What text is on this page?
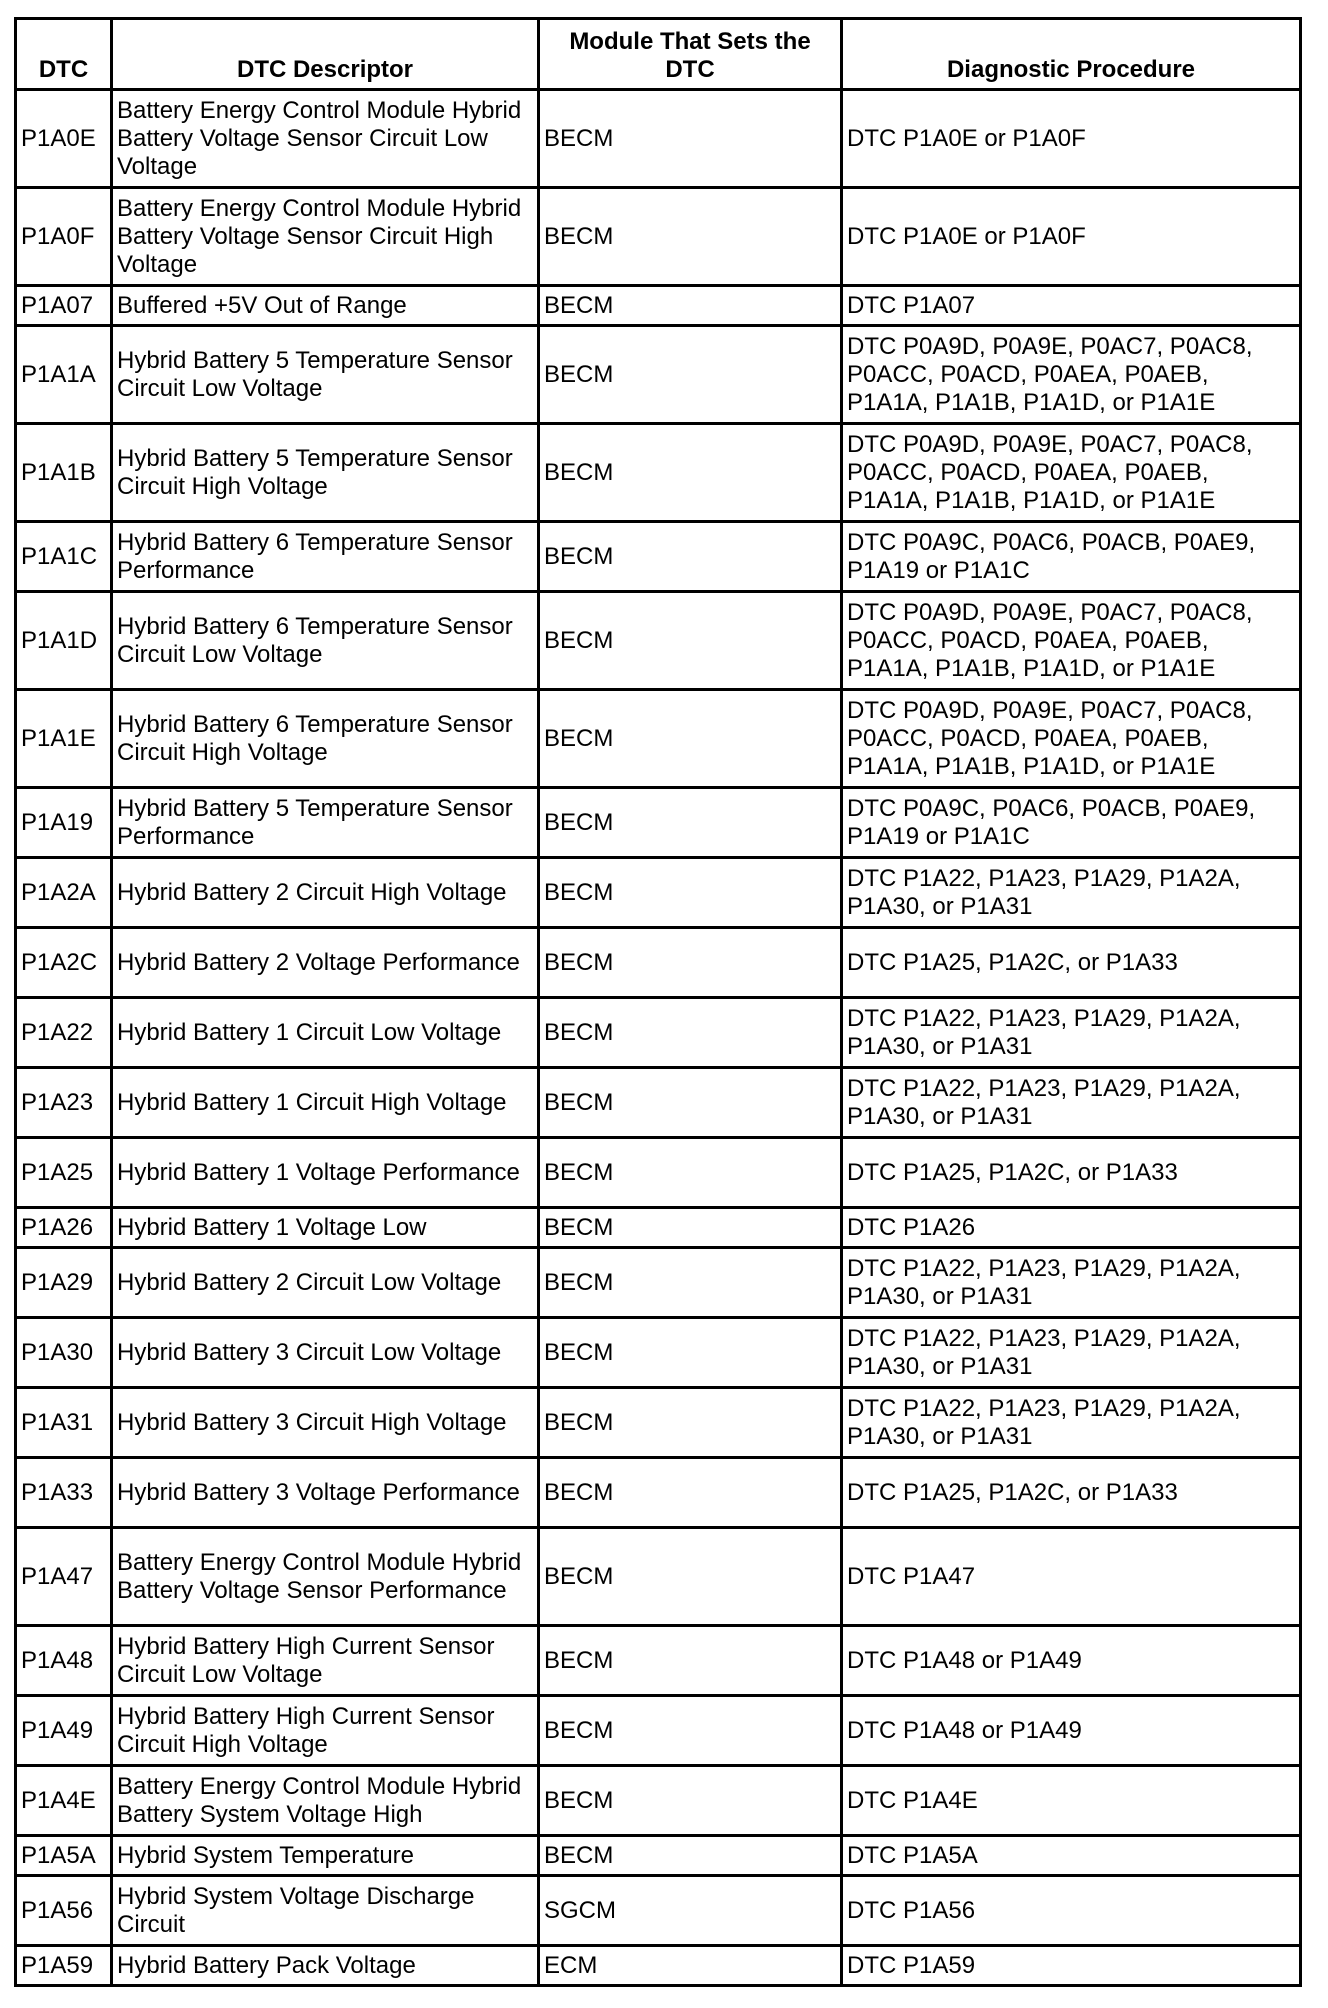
DTC	DTC Descriptor	Module That Sets the DTC	Diagnostic Procedure
P1A0E	Battery Energy Control Module Hybrid Battery Voltage Sensor Circuit Low Voltage	BECM	DTC P1A0E or P1A0F
P1A0F	Battery Energy Control Module Hybrid Battery Voltage Sensor Circuit High Voltage	BECM	DTC P1A0E or P1A0F
P1A07	Buffered +5V Out of Range	BECM	DTC P1A07
P1A1A	Hybrid Battery 5 Temperature Sensor Circuit Low Voltage	BECM	DTC P0A9D, P0A9E, P0AC7, P0AC8, P0ACC, P0ACD, P0AEA, P0AEB, P1A1A, P1A1B, P1A1D, or P1A1E
P1A1B	Hybrid Battery 5 Temperature Sensor Circuit High Voltage	BECM	DTC P0A9D, P0A9E, P0AC7, P0AC8, P0ACC, P0ACD, P0AEA, P0AEB, P1A1A, P1A1B, P1A1D, or P1A1E
P1A1C	Hybrid Battery 6 Temperature Sensor Performance	BECM	DTC P0A9C, P0AC6, P0ACB, P0AE9, P1A19 or P1A1C
P1A1D	Hybrid Battery 6 Temperature Sensor Circuit Low Voltage	BECM	DTC P0A9D, P0A9E, P0AC7, P0AC8, P0ACC, P0ACD, P0AEA, P0AEB, P1A1A, P1A1B, P1A1D, or P1A1E
P1A1E	Hybrid Battery 6 Temperature Sensor Circuit High Voltage	BECM	DTC P0A9D, P0A9E, P0AC7, P0AC8, P0ACC, P0ACD, P0AEA, P0AEB, P1A1A, P1A1B, P1A1D, or P1A1E
P1A19	Hybrid Battery 5 Temperature Sensor Performance	BECM	DTC P0A9C, P0AC6, P0ACB, P0AE9, P1A19 or P1A1C
P1A2A	Hybrid Battery 2 Circuit High Voltage	BECM	DTC P1A22, P1A23, P1A29, P1A2A, P1A30, or P1A31
P1A2C	Hybrid Battery 2 Voltage Performance	BECM	DTC P1A25, P1A2C, or P1A33
P1A22	Hybrid Battery 1 Circuit Low Voltage	BECM	DTC P1A22, P1A23, P1A29, P1A2A, P1A30, or P1A31
P1A23	Hybrid Battery 1 Circuit High Voltage	BECM	DTC P1A22, P1A23, P1A29, P1A2A, P1A30, or P1A31
P1A25	Hybrid Battery 1 Voltage Performance	BECM	DTC P1A25, P1A2C, or P1A33
P1A26	Hybrid Battery 1 Voltage Low	BECM	DTC P1A26
P1A29	Hybrid Battery 2 Circuit Low Voltage	BECM	DTC P1A22, P1A23, P1A29, P1A2A, P1A30, or P1A31
P1A30	Hybrid Battery 3 Circuit Low Voltage	BECM	DTC P1A22, P1A23, P1A29, P1A2A, P1A30, or P1A31
P1A31	Hybrid Battery 3 Circuit High Voltage	BECM	DTC P1A22, P1A23, P1A29, P1A2A, P1A30, or P1A31
P1A33	Hybrid Battery 3 Voltage Performance	BECM	DTC P1A25, P1A2C, or P1A33
P1A47	Battery Energy Control Module Hybrid Battery Voltage Sensor Performance	BECM	DTC P1A47
P1A48	Hybrid Battery High Current Sensor Circuit Low Voltage	BECM	DTC P1A48 or P1A49
P1A49	Hybrid Battery High Current Sensor Circuit High Voltage	BECM	DTC P1A48 or P1A49
P1A4E	Battery Energy Control Module Hybrid Battery System Voltage High	BECM	DTC P1A4E
P1A5A	Hybrid System Temperature	BECM	DTC P1A5A
P1A56	Hybrid System Voltage Discharge Circuit	SGCM	DTC P1A56
P1A59	Hybrid Battery Pack Voltage	ECM	DTC P1A59
